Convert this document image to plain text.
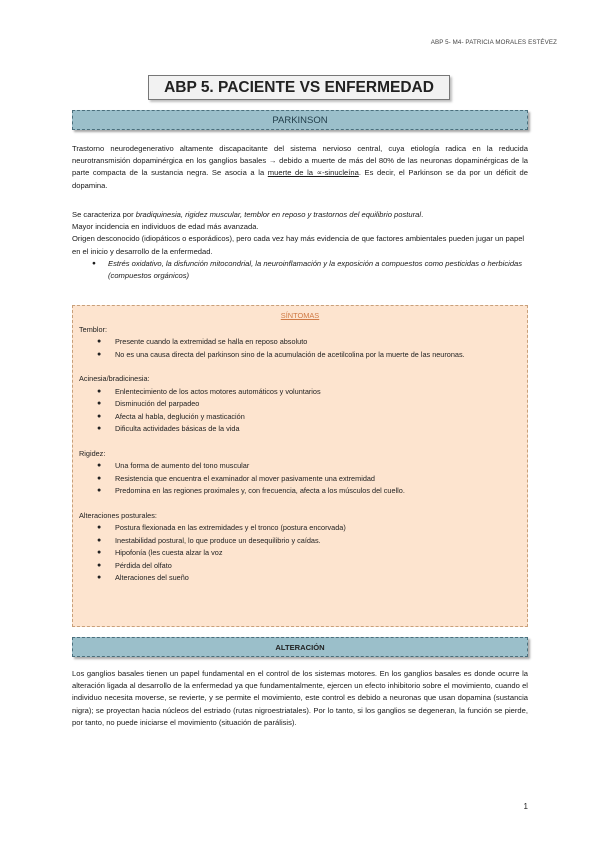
ABP 5- M4- PATRICIA MORALES ESTÉVEZ
ABP 5. PACIENTE VS ENFERMEDAD
PARKINSON
Trastorno neurodegenerativo altamente discapacitante del sistema nervioso central, cuya etiología radica en la reducida neurotransmisión dopaminérgica en los ganglios basales → debido a muerte de más del 80% de las neuronas dopaminérgicas de la parte compacta de la sustancia negra. Se asocia a la muerte de la ∝-sinucleína. Es decir, el Parkinson se da por un déficit de dopamina.
Se caracteriza por bradiquinesia, rigidez muscular, temblor en reposo y trastornos del equilibrio postural.
Mayor incidencia en individuos de edad más avanzada.
Origen desconocido (idiopáticos o esporádicos), pero cada vez hay más evidencia de que factores ambientales pueden jugar un papel en el inicio y desarrollo de la enfermedad.
●	Estrés oxidativo, la disfunción mitocondrial, la neuroinflamación y la exposición a compuestos como pesticidas o herbicidas (compuestos orgánicos)
SÍNTOMAS
Temblor:
● Presente cuando la extremidad se halla en reposo absoluto
● No es una causa directa del parkinson sino de la acumulación de acetilcolina por la muerte de las neuronas.
Acinesia/bradicinesia:
● Enlentecimiento de los actos motores automáticos y voluntarios
● Disminución del parpadeo
● Afecta al habla, deglución y masticación
● Dificulta actividades básicas de la vida
Rigidez:
● Una forma de aumento del tono muscular
● Resistencia que encuentra el examinador al mover pasivamente una extremidad
● Predomina en las regiones proximales y, con frecuencia, afecta a los músculos del cuello.
Alteraciones posturales:
● Postura flexionada en las extremidades y el tronco (postura encorvada)
● Inestabilidad postural, lo que produce un desequilibrio y caídas.
● Hipofonía (les cuesta alzar la voz
● Pérdida del olfato
● Alteraciones del sueño
ALTERACIÓN
Los ganglios basales tienen un papel fundamental en el control de los sistemas motores. En los ganglios basales es donde ocurre la alteración ligada al desarrollo de la enfermedad ya que fundamentalmente, ejercen un efecto inhibitorio sobre el movimiento, cuando el individuo necesita moverse, se revierte, y se permite el movimiento, este control es debido a neuronas que usan dopamina (sustancia nigra); se proyectan hacia núcleos del estriado (rutas nigroestriatales). Por lo tanto, si los ganglios se degeneran, la función se pierde, por tanto, no puede iniciarse el movimiento (situación de parálisis).
1
